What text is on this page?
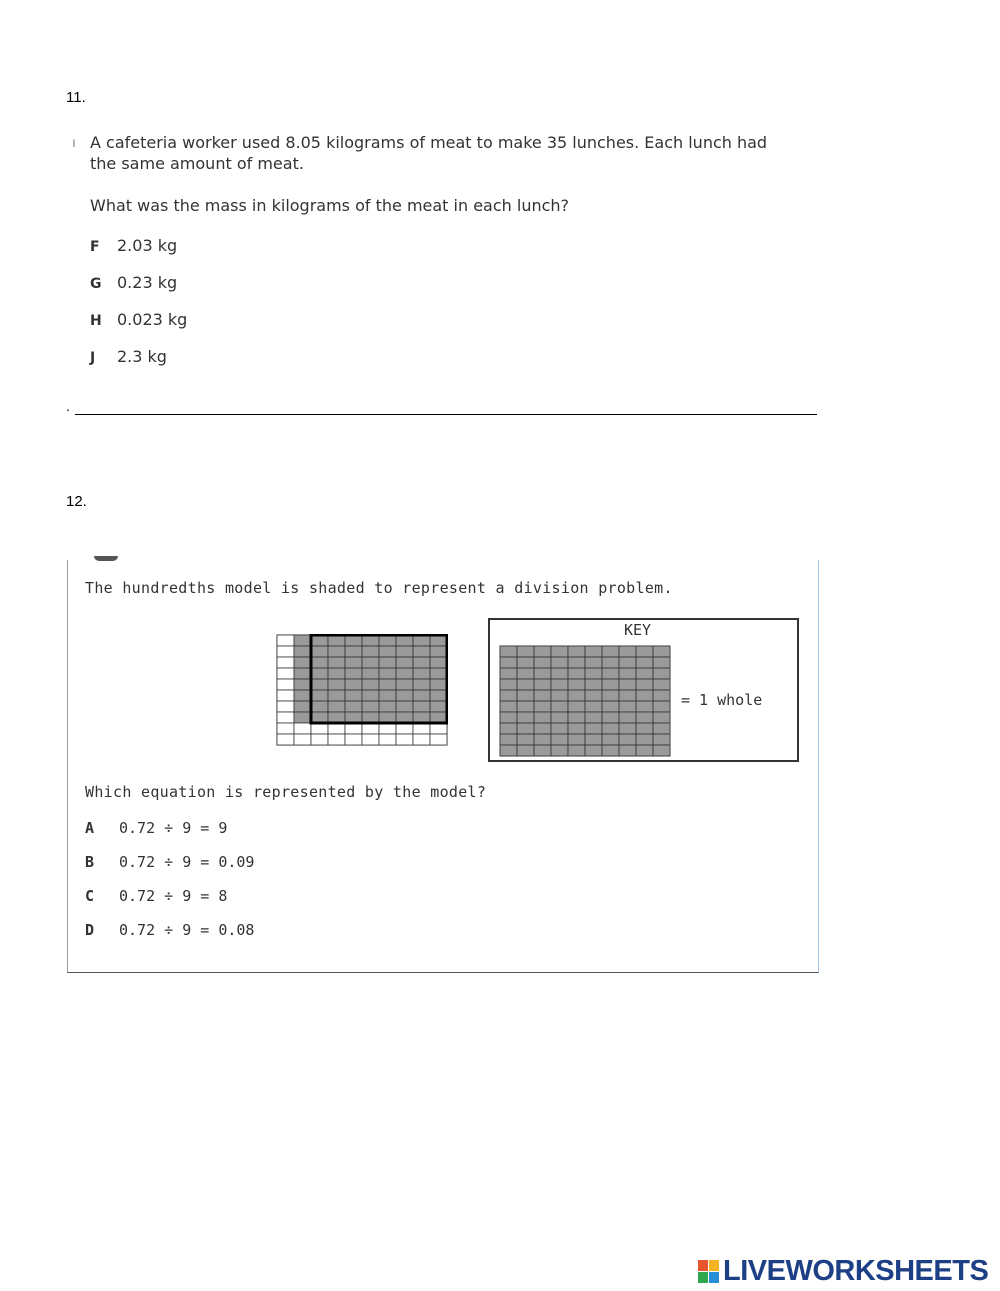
11.
ı A cafeteria worker used 8.05 kilograms of meat to make 35 lunches. Each lunch had
the same amount of meat.
What was the mass in kilograms of the meat in each lunch?
F 2.03 kg
G 0.23 kg
H 0.023 kg
J 2.3 kg
.
12.
The hundredths model is shaded to represent a division problem.
KEY
= 1 whole
Which equation is represented by the model?
A 0.72 ÷ 9 = 9
B 0.72 ÷ 9 = 0.09
C 0.72 ÷ 9 = 8
D 0.72 ÷ 9 = 0.08
LIVEWORKSHEETS
